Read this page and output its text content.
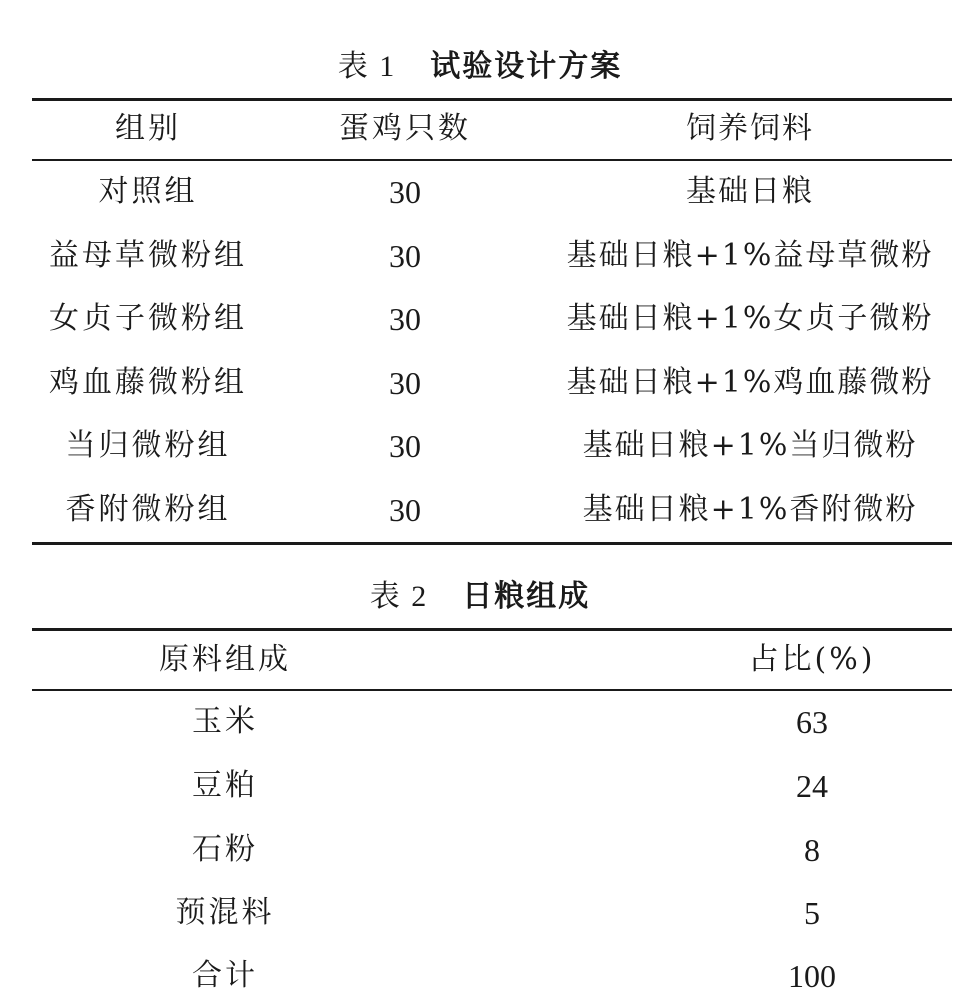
表 1 试验设计方案
组别	蛋鸡只数	饲养饲料
对照组	30	基础日粮
益母草微粉组	30	基础日粮+1%益母草微粉
女贞子微粉组	30	基础日粮+1%女贞子微粉
鸡血藤微粉组	30	基础日粮+1%鸡血藤微粉
当归微粉组	30	基础日粮+1%当归微粉
香附微粉组	30	基础日粮+1%香附微粉
表 2 日粮组成
原料组成	占比(%)
玉米	63
豆粕	24
石粉	8
预混料	5
合计	100
